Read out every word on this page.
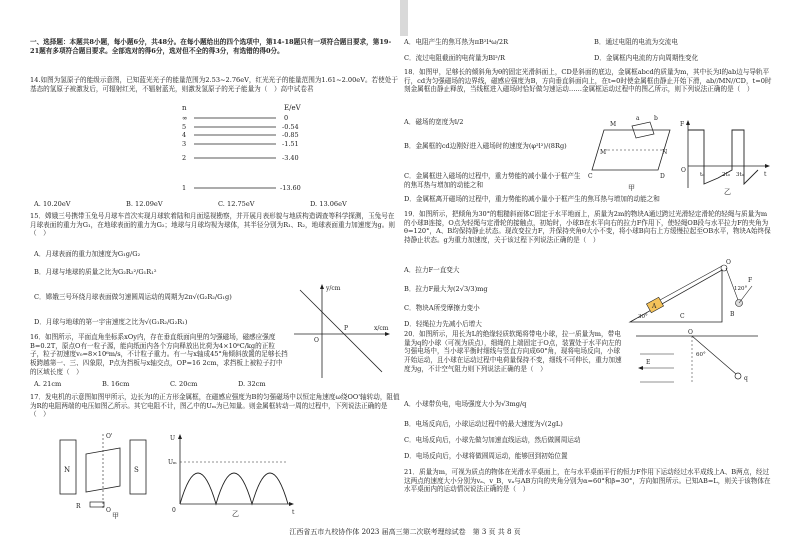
一、选择题：本题共8小题，每小题6分，共48分。在每小题给出的四个选项中，第14-18题只有一项符合题目要求，第19-21题有多项符合题目要求。全部选对的得6分，选对但不全的得3分，有选错的得0分。

14.如图为氢原子的能级示意图，已知蓝光光子的能量范围为2.53~2.76eV，红光光子的能量范围为1.61~2.00eV。若使处于基态的氢原子被激发后，可辐射红光，不辐射蓝光，则激发氢原子的光子能量为（　）高中试卷君

n	E/eV
∞	0
5	-0.54
4	-0.85
3	-1.51
2	-3.40
1	-13.60
A. 10.20eV	B. 12.09eV	C. 12.75eV	D. 13.06eV

15．嫦娥三号携带玉兔号月球车首次实现月球软着陆和月面巡视勘察，并开展月表形貌与地质构造调查等科学探测，玉兔号在月球表面的重力为G₁，在地球表面的重力为G₂；地球与月球均视为球体，其半径分别为R₁、R₂，地球表面重力加速度为g。则（　）

A．月球表面的重力加速度为G₁g/G₂
B．月球与地球的质量之比为G₂R₂²/G₁R₁²
C．嫦娥三号环绕月球表面做匀速圆周运动的周期为2π√(G₂R₂/G₁g)
D．月球与地球的第一宇宙速度之比为√(G₁R₂/G₂R₁)

16．如图所示，平面直角坐标系xOy内，存在垂直纸面向里的匀强磁场，磁感应强度B=0.2T，原点O有一粒子源，能向纸面内各个方向释放出比荷为4×10⁸C/kg的正粒子，粒子初速度v₀=8×10⁶m/s，不计粒子重力。有一与x轴成45°角倾斜放置的足够长挡板跨越第一、三、四象限，P点为挡板与x轴交点，OP=16 2cm，求挡板上被粒子打中的区域长度（　）

y/cm
x/cm
O
P
A. 21cm	B. 16cm	C. 20cm	D. 32cm

17．发电机的示意图如图甲所示，边长为l的正方形金属框，在磁感应强度为B的匀强磁场中以恒定角速度ω绕OO'轴转动，阻值为R的电阻两端的电压如图乙所示。其它电阻不计，图乙中的Uₘ为已知量。则金属框转动一周的过程中，下列说法正确的是（　）

N	S
O'
O
R
甲
U
Uₘ
t
0	乙
A．电阻产生的焦耳热为πB²l⁴ω/2R	B．通过电阻的电流为交流电
C．流过电阻截面的电荷量为Bl²/R	D．金属框内电流的方向周期性变化

18．如图甲，足够长的倾斜角为θ的固定光滑斜面上，CD是斜面的底边，金属框abcd的质量为m，其中长为l的ab边与导轨平行，cd为匀强磁场的边界线，磁感应强度为B，方向垂直斜面向上，在t=0时使金属框由静止开始下滑，ab//MN//CD，t=0时刻金属框由静止释放，当线框进入磁场时恰好做匀速运动……金属框运动过程中的图乙所示，则下列说法正确的是（　）

A．磁场的宽度为l/2

B．金属框的cd边刚好进入磁场时的速度为(φ²l²)/(8Rg)

C．金属框进入磁场的过程中，重力势能的减小量小于框产生的焦耳热与增加的动能之和

D．金属框离开磁场的过程中，重力势能的减小量小于框产生的焦耳热与增加的动能之和

a b
M'
M
N
C	D
甲
F
O
t₀	2t₀ 3t₀	t
乙

19．如图所示，把倾角为30°的粗糙斜面体C固定于水平地面上，质量为2m的物块A通过跨过光滑轻定滑轮的轻绳与质量为m的小球B连接，O点为轻绳与定滑轮的接触点，初始时，小球B在水平向右的拉力F作用下，使轻绳OB段与水平拉力F的夹角为θ=120°，A、B均保持静止状态。现改变拉力F，并保持夹角θ大小不变，将小球B向右上方缓慢拉起至OB水平，物块A始终保持静止状态。g为重力加速度，关于该过程下列说法正确的是（　）

A．拉力F一直变大
B．拉力F最大为(2√3/3)mg
C．物块A所受摩擦力变小
D．轻绳拉力先减小后增大
A
B
O
F
120°
C
30°

20．如图所示，用长为L的绝缘轻质软绳将带电小球，拉一质量为m，带电量为q的小球（可视为质点），细绳的上端固定于O点，装置处于水平向左的匀强电场中，当小球平衡时细线与竖直方向成60°角，现将电场反向，小球开始运动，且小球在运动过程中电荷量保持不变，细线不可伸长，重力加速度为g，不计空气阻力则下列说法正确的是（　）

O
60°
q
E
A．小球带负电，电场强度大小为√3mg/q
B．电场反向后，小球运动过程中的最大速度为√(2gL)
C．电场反向后，小球先做匀加速直线运动，然后做圆周运动
D．电场反向后，小球将做圆周运动，能够回到初始位置

21．质量为m，可视为质点的物体在光滑水平桌面上，在与水平桌面平行的恒力F作用下运动经过水平成线上A、B两点，经过这两点的速度大小分别为vₐ、v_B，vₐ与AB方向的夹角分别为α=60°和β=30°，方向如图所示。已知AB=L，则关于该物体在水平桌面内的运动情况说法正确的是（　）

江西省五市九校协作体 2023 届高三第二次联考理综试卷　第 3 页 共 8 页
